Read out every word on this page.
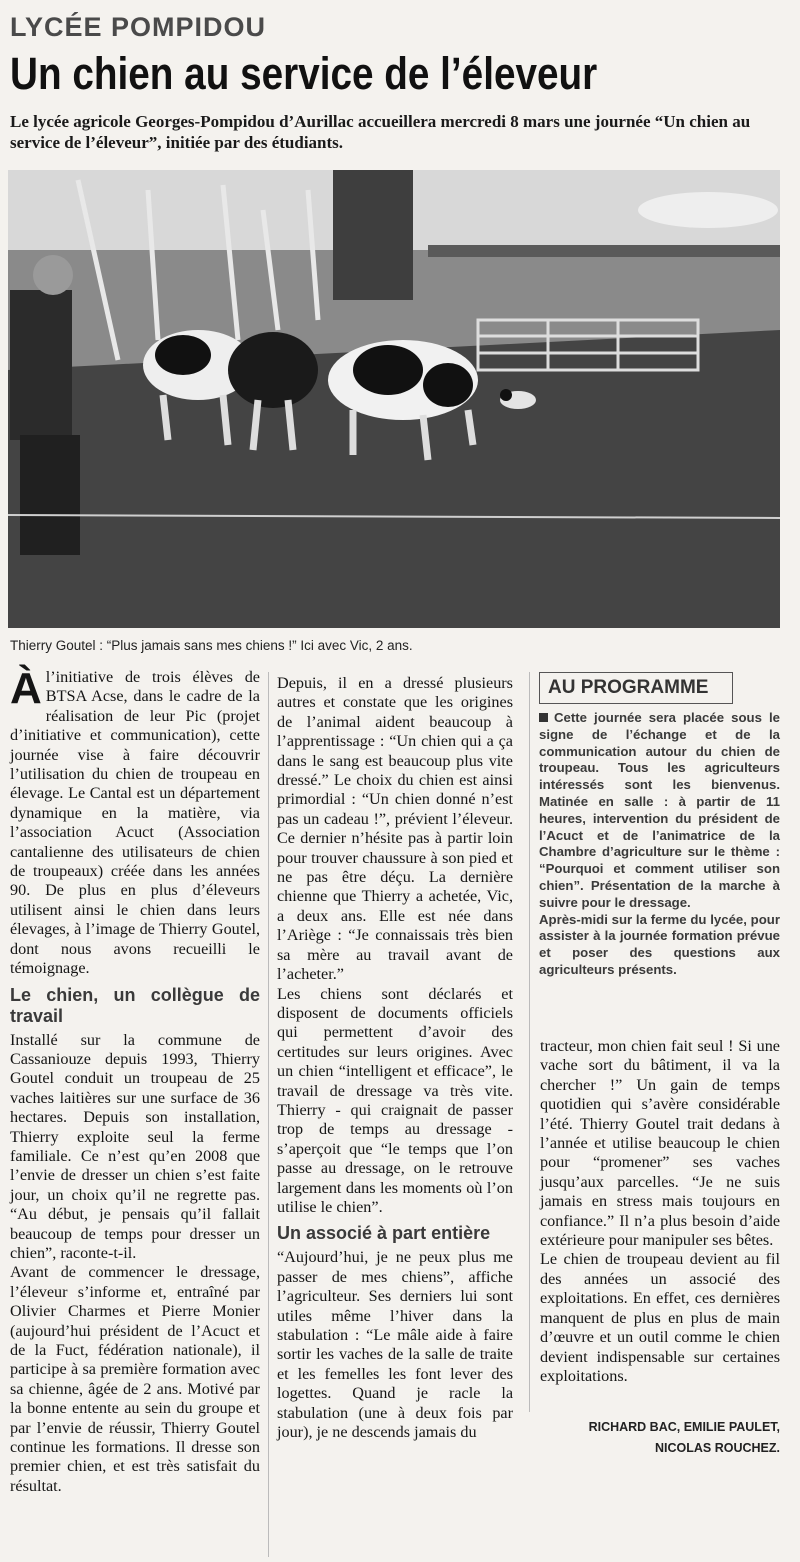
LYCÉE POMPIDOU
Un chien au service de l’éleveur
Le lycée agricole Georges-Pompidou d’Aurillac accueillera mercredi 8 mars une journée “Un chien au service de l’éleveur”, initiée par des étudiants.
Thierry Goutel : “Plus jamais sans mes chiens !” Ici avec Vic, 2 ans.

Àl’initiative de trois élèves de BTSA Acse, dans le cadre de la réalisation de leur Pic (projet d’initiative et communication), cette journée vise à faire découvrir l’utilisation du chien de troupeau en élevage. Le Cantal est un département dynamique en la matière, via l’association Acuct (Association cantalienne des utilisateurs de chien de troupeaux) créée dans les années 90. De plus en plus d’éleveurs utilisent ainsi le chien dans leurs élevages, à l’image de Thierry Goutel, dont nous avons recueilli le témoignage.

Le chien, un collègue de travail

Installé sur la commune de Cassaniouze depuis 1993, Thierry Goutel conduit un troupeau de 25 vaches laitières sur une surface de 36 hectares. Depuis son installation, Thierry exploite seul la ferme familiale. Ce n’est qu’en 2008 que l’envie de dresser un chien s’est faite jour, un choix qu’il ne regrette pas. “Au début, je pensais qu’il fallait beaucoup de temps pour dresser un chien”, raconte-t-il.

Avant de commencer le dressage, l’éleveur s’informe et, entraîné par Olivier Charmes et Pierre Monier (aujourd’hui président de l’Acuct et de la Fuct, fédération nationale), il participe à sa première formation avec sa chienne, âgée de 2 ans. Motivé par la bonne entente au sein du groupe et par l’envie de réussir, Thierry Goutel continue les formations. Il dresse son premier chien, et est très satisfait du résultat.

Depuis, il en a dressé plusieurs autres et constate que les origines de l’animal aident beaucoup à l’apprentissage : “Un chien qui a ça dans le sang est beaucoup plus vite dressé.” Le choix du chien est ainsi primordial : “Un chien donné n’est pas un cadeau !”, prévient l’éleveur. Ce dernier n’hésite pas à partir loin pour trouver chaussure à son pied et ne pas être déçu. La dernière chienne que Thierry a achetée, Vic, a deux ans. Elle est née dans l’Ariège : “Je connaissais très bien sa mère au travail avant de l’acheter.”

Les chiens sont déclarés et disposent de documents officiels qui permettent d’avoir des certitudes sur leurs origines. Avec un chien “intelligent et efficace”, le travail de dressage va très vite. Thierry - qui craignait de passer trop de temps au dressage - s’aperçoit que “le temps que l’on passe au dressage, on le retrouve largement dans les moments où l’on utilise le chien”.

Un associé à part entière

“Aujourd’hui, je ne peux plus me passer de mes chiens”, affiche l’agriculteur. Ses derniers lui sont utiles même l’hiver dans la stabulation : “Le mâle aide à faire sortir les vaches de la salle de traite et les femelles les font lever des logettes. Quand je racle la stabulation (une à deux fois par jour), je ne descends jamais du

AU PROGRAMME

Cette journée sera placée sous le signe de l’échange et de la communication autour du chien de troupeau. Tous les agriculteurs intéressés sont les bienvenus. Matinée en salle : à partir de 11 heures, intervention du président de l’Acuct et de l’animatrice de la Chambre d’agriculture sur le thème : “Pourquoi et comment utiliser son chien”. Présentation de la marche à suivre pour le dressage.

Après-midi sur la ferme du lycée, pour assister à la journée formation prévue et poser des questions aux agriculteurs présents.

tracteur, mon chien fait seul ! Si une vache sort du bâtiment, il va la chercher !” Un gain de temps quotidien qui s’avère considérable l’été. Thierry Goutel trait dedans à l’année et utilise beaucoup le chien pour “promener” ses vaches jusqu’aux parcelles. “Je ne suis jamais en stress mais toujours en confiance.” Il n’a plus besoin d’aide extérieure pour manipuler ses bêtes.

Le chien de troupeau devient au fil des années un associé des exploitations. En effet, ces dernières manquent de plus en plus de main d’œuvre et un outil comme le chien devient indispensable sur certaines exploitations.

RICHARD BAC, EMILIE PAULET,
NICOLAS ROUCHEZ.
